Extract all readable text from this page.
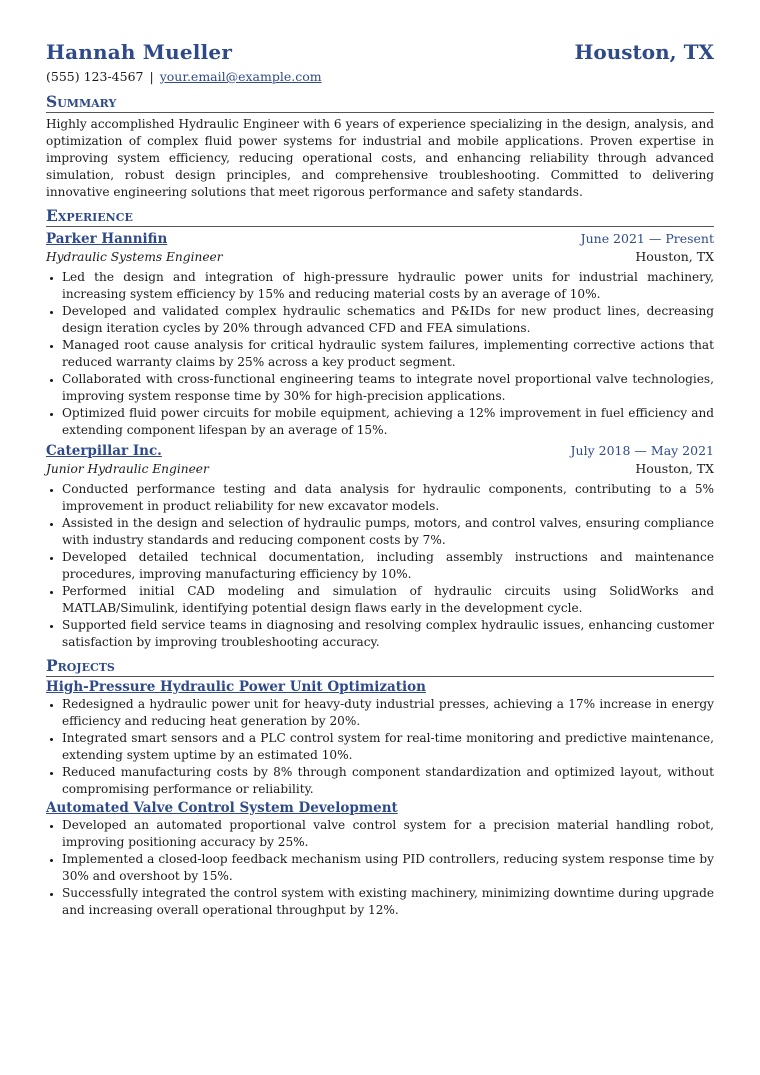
Hannah Mueller	Houston, TX
(555) 123-4567 | your.email@example.com
Summary
Highly accomplished Hydraulic Engineer with 6 years of experience specializing in the design, analysis, and optimization of complex fluid power systems for industrial and mobile applications. Proven expertise in improving system efficiency, reducing operational costs, and enhancing reliability through advanced simulation, robust design principles, and comprehensive troubleshooting. Committed to delivering innovative engineering solutions that meet rigorous performance and safety standards.
Experience
Parker Hannifin	June 2021 — Present
Hydraulic Systems Engineer	Houston, TX
• Led the design and integration of high-pressure hydraulic power units for industrial machinery, increasing system efficiency by 15% and reducing material costs by an average of 10%.
• Developed and validated complex hydraulic schematics and P&IDs for new product lines, decreasing design iteration cycles by 20% through advanced CFD and FEA simulations.
• Managed root cause analysis for critical hydraulic system failures, implementing corrective actions that reduced warranty claims by 25% across a key product segment.
• Collaborated with cross-functional engineering teams to integrate novel proportional valve technologies, improving system response time by 30% for high-precision applications.
• Optimized fluid power circuits for mobile equipment, achieving a 12% improvement in fuel efficiency and extending component lifespan by an average of 15%.
Caterpillar Inc.	July 2018 — May 2021
Junior Hydraulic Engineer	Houston, TX
• Conducted performance testing and data analysis for hydraulic components, contributing to a 5% improvement in product reliability for new excavator models.
• Assisted in the design and selection of hydraulic pumps, motors, and control valves, ensuring compliance with industry standards and reducing component costs by 7%.
• Developed detailed technical documentation, including assembly instructions and maintenance procedures, improving manufacturing efficiency by 10%.
• Performed initial CAD modeling and simulation of hydraulic circuits using SolidWorks and MATLAB/Simulink, identifying potential design flaws early in the development cycle.
• Supported field service teams in diagnosing and resolving complex hydraulic issues, enhancing customer satisfaction by improving troubleshooting accuracy.
Projects
High-Pressure Hydraulic Power Unit Optimization
• Redesigned a hydraulic power unit for heavy-duty industrial presses, achieving a 17% increase in energy efficiency and reducing heat generation by 20%.
• Integrated smart sensors and a PLC control system for real-time monitoring and predictive maintenance, extending system uptime by an estimated 10%.
• Reduced manufacturing costs by 8% through component standardization and optimized layout, without compromising performance or reliability.
Automated Valve Control System Development
• Developed an automated proportional valve control system for a precision material handling robot, improving positioning accuracy by 25%.
• Implemented a closed-loop feedback mechanism using PID controllers, reducing system response time by 30% and overshoot by 15%.
• Successfully integrated the control system with existing machinery, minimizing downtime during upgrade and increasing overall operational throughput by 12%.
